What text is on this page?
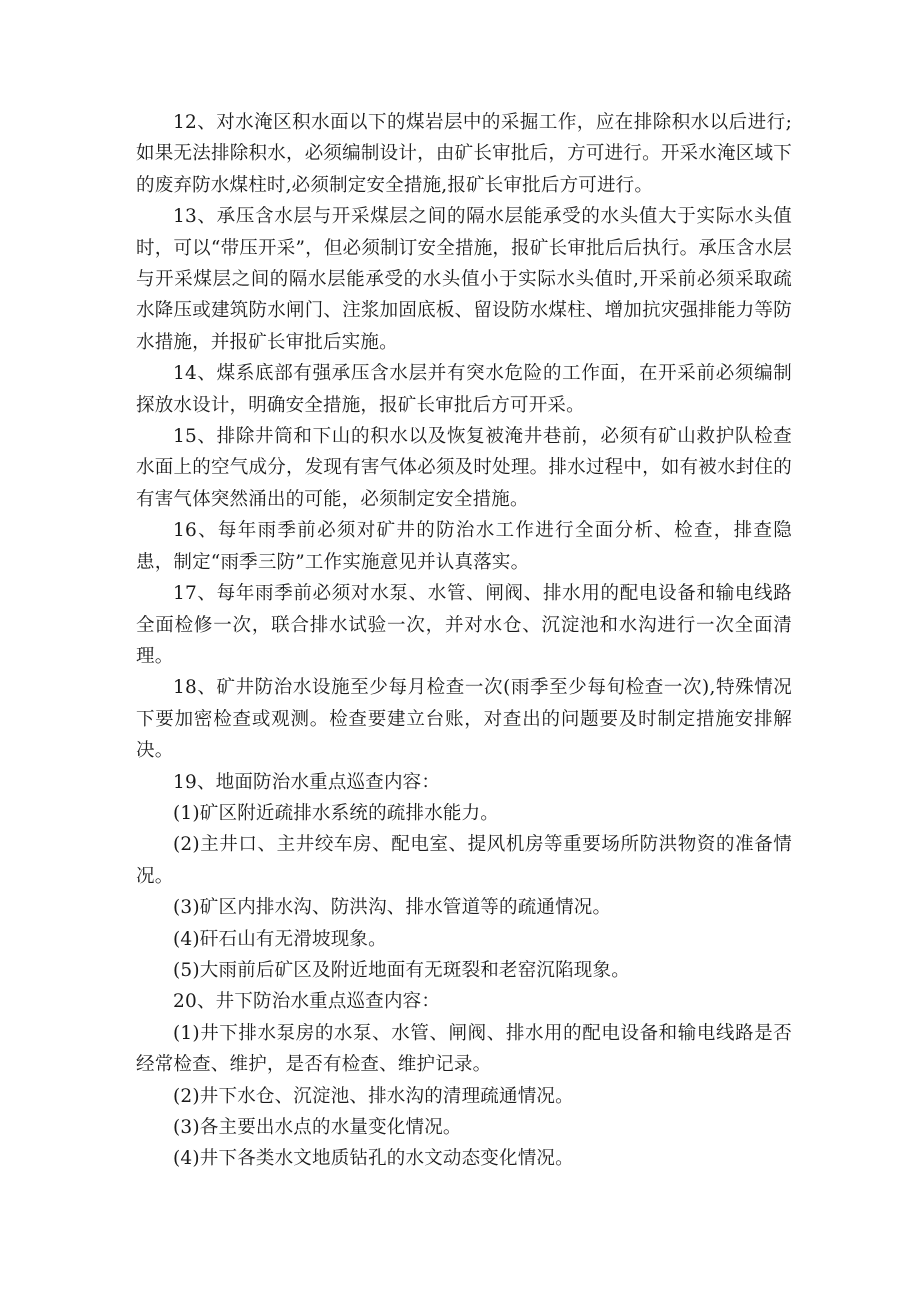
12、对水淹区积水面以下的煤岩层中的采掘工作，应在排除积水以后进行;如果无法排除积水，必须编制设计，由矿长审批后，方可进行。开采水淹区域下的废弃防水煤柱时,必须制定安全措施,报矿长审批后方可进行。

13、承压含水层与开采煤层之间的隔水层能承受的水头值大于实际水头值时，可以“带压开采”，但必须制订安全措施，报矿长审批后后执行。承压含水层与开采煤层之间的隔水层能承受的水头值小于实际水头值时,开采前必须采取疏水降压或建筑防水闸门、注浆加固底板、留设防水煤柱、增加抗灾强排能力等防水措施，并报矿长审批后实施。

14、煤系底部有强承压含水层并有突水危险的工作面，在开采前必须编制探放水设计，明确安全措施，报矿长审批后方可开采。

15、排除井筒和下山的积水以及恢复被淹井巷前，必须有矿山救护队检查水面上的空气成分，发现有害气体必须及时处理。排水过程中，如有被水封住的有害气体突然涌出的可能，必须制定安全措施。

16、每年雨季前必须对矿井的防治水工作进行全面分析、检查，排查隐患，制定“雨季三防”工作实施意见并认真落实。

17、每年雨季前必须对水泵、水管、闸阀、排水用的配电设备和输电线路全面检修一次，联合排水试验一次，并对水仓、沉淀池和水沟进行一次全面清理。

18、矿井防治水设施至少每月检查一次(雨季至少每旬检查一次),特殊情况下要加密检查或观测。检查要建立台账，对查出的问题要及时制定措施安排解决。

19、地面防治水重点巡查内容：

(1)矿区附近疏排水系统的疏排水能力。

(2)主井口、主井绞车房、配电室、提风机房等重要场所防洪物资的准备情况。

(3)矿区内排水沟、防洪沟、排水管道等的疏通情况。

(4)矸石山有无滑坡现象。

(5)大雨前后矿区及附近地面有无斑裂和老窑沉陷现象。

20、井下防治水重点巡查内容：

(1)井下排水泵房的水泵、水管、闸阀、排水用的配电设备和输电线路是否经常检查、维护，是否有检查、维护记录。

(2)井下水仓、沉淀池、排水沟的清理疏通情况。

(3)各主要出水点的水量变化情况。

(4)井下各类水文地质钻孔的水文动态变化情况。
